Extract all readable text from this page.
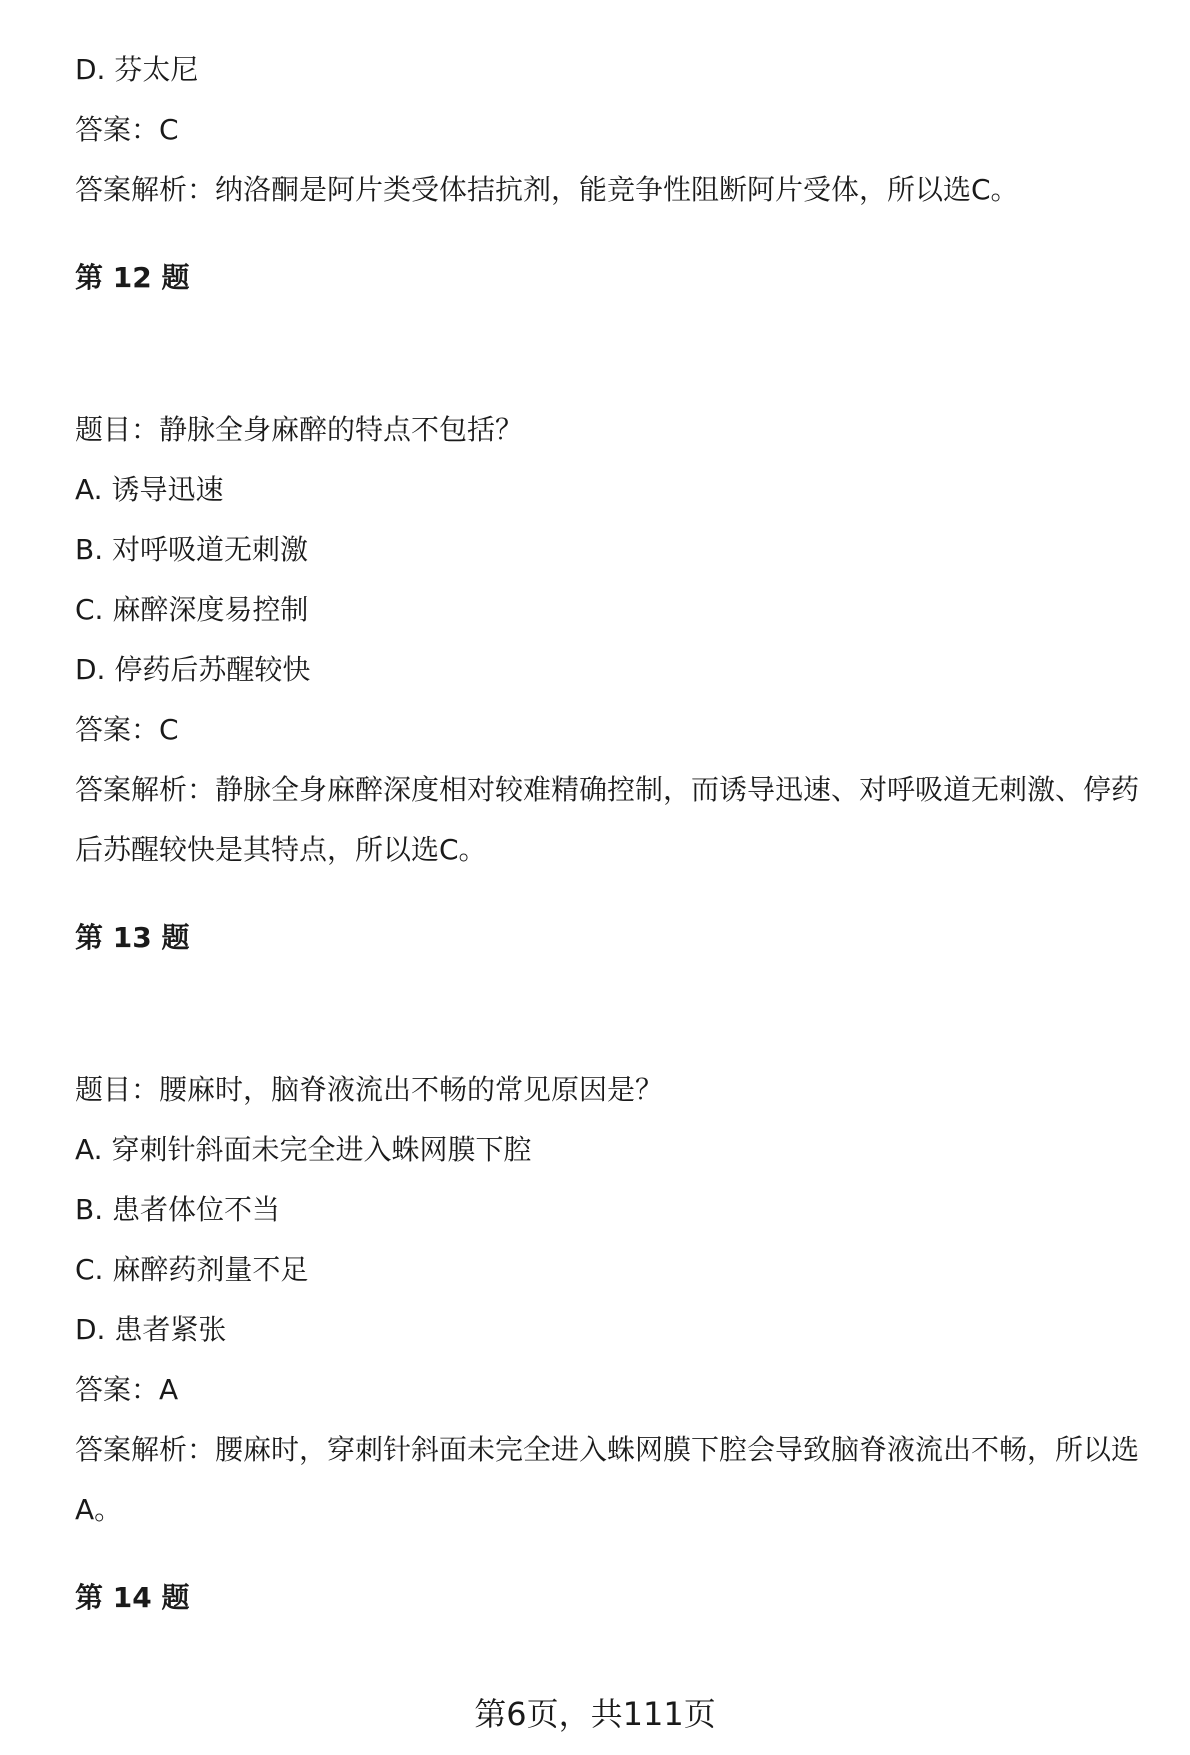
D. 芬太尼
答案：C
答案解析：纳洛酮是阿片类受体拮抗剂，能竞争性阻断阿片受体，所以选C。
第 12 题
题目：静脉全身麻醉的特点不包括？
A. 诱导迅速
B. 对呼吸道无刺激
C. 麻醉深度易控制
D. 停药后苏醒较快
答案：C
答案解析：静脉全身麻醉深度相对较难精确控制，而诱导迅速、对呼吸道无刺激、停药后苏醒较快是其特点，所以选C。
第 13 题
题目：腰麻时，脑脊液流出不畅的常见原因是？
A. 穿刺针斜面未完全进入蛛网膜下腔
B. 患者体位不当
C. 麻醉药剂量不足
D. 患者紧张
答案：A
答案解析：腰麻时，穿刺针斜面未完全进入蛛网膜下腔会导致脑脊液流出不畅，所以选A。
第 14 题
第6页，共111页
